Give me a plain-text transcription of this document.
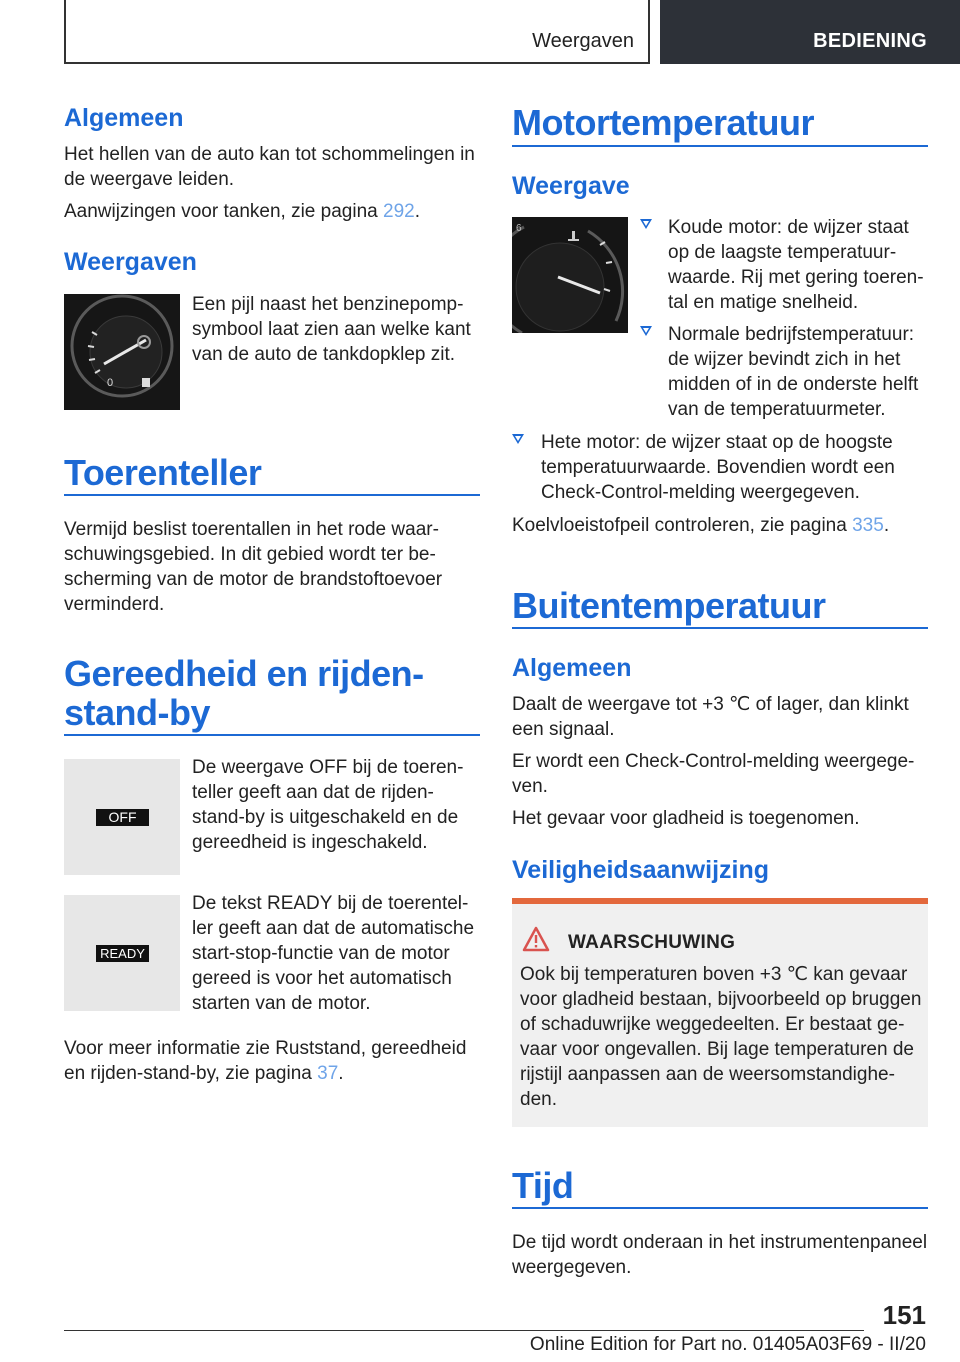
Weergaven	BEDIENING
Algemeen
Het hellen van de auto kan tot schommelingen in de weergave leiden.
Aanwijzingen voor tanken, zie pagina 292.
Weergaven
0
Een pijl naast het benzinepompsymbool laat zien aan welke kant van de auto de tankdopklep zit.
Toerenteller
Vermijd beslist toerentallen in het rode waarschuwingsgebied. In dit gebied wordt ter bescherming van de motor de brandstoftoevoer verminderd.
Gereedheid en rijden-
stand-by
OFF
De weergave OFF bij de toerenteller geeft aan dat de rijden-stand-by is uitgeschakeld en de gereedheid is ingeschakeld.
READY
De tekst READY bij de toerenteller geeft aan dat de automatische start-stop-functie van de motor gereed is voor het automatisch starten van de motor.
Voor meer informatie zie Ruststand, gereedheid en rijden-stand-by, zie pagina 37.
Motortemperatuur
Weergave
6	Koude motor: de wijzer staat op de laagste temperatuurwaarde. Rij met gering toerental en matige snelheid.
Normale bedrijfstemperatuur: de wijzer bevindt zich in het midden of in de onderste helft van de temperatuurmeter.
Hete motor: de wijzer staat op de hoogste temperatuurwaarde. Bovendien wordt een Check-Control-melding weergegeven.
Koelvloeistofpeil controleren, zie pagina 335.
Buitentemperatuur
Algemeen
Daalt de weergave tot +3 ℃ of lager, dan klinkt een signaal.
Er wordt een Check-Control-melding weergegeven.
Het gevaar voor gladheid is toegenomen.
Veiligheidsaanwijzing
WAARSCHUWING
Ook bij temperaturen boven +3 ℃ kan gevaar voor gladheid bestaan, bijvoorbeeld op bruggen of schaduwrijke weggedeelten. Er bestaat gevaar voor ongevallen. Bij lage temperaturen de rijstijl aanpassen aan de weersomstandigheden.
Tijd
De tijd wordt onderaan in het instrumentenpaneel weergegeven.
151
Online Edition for Part no. 01405A03F69 - II/20
